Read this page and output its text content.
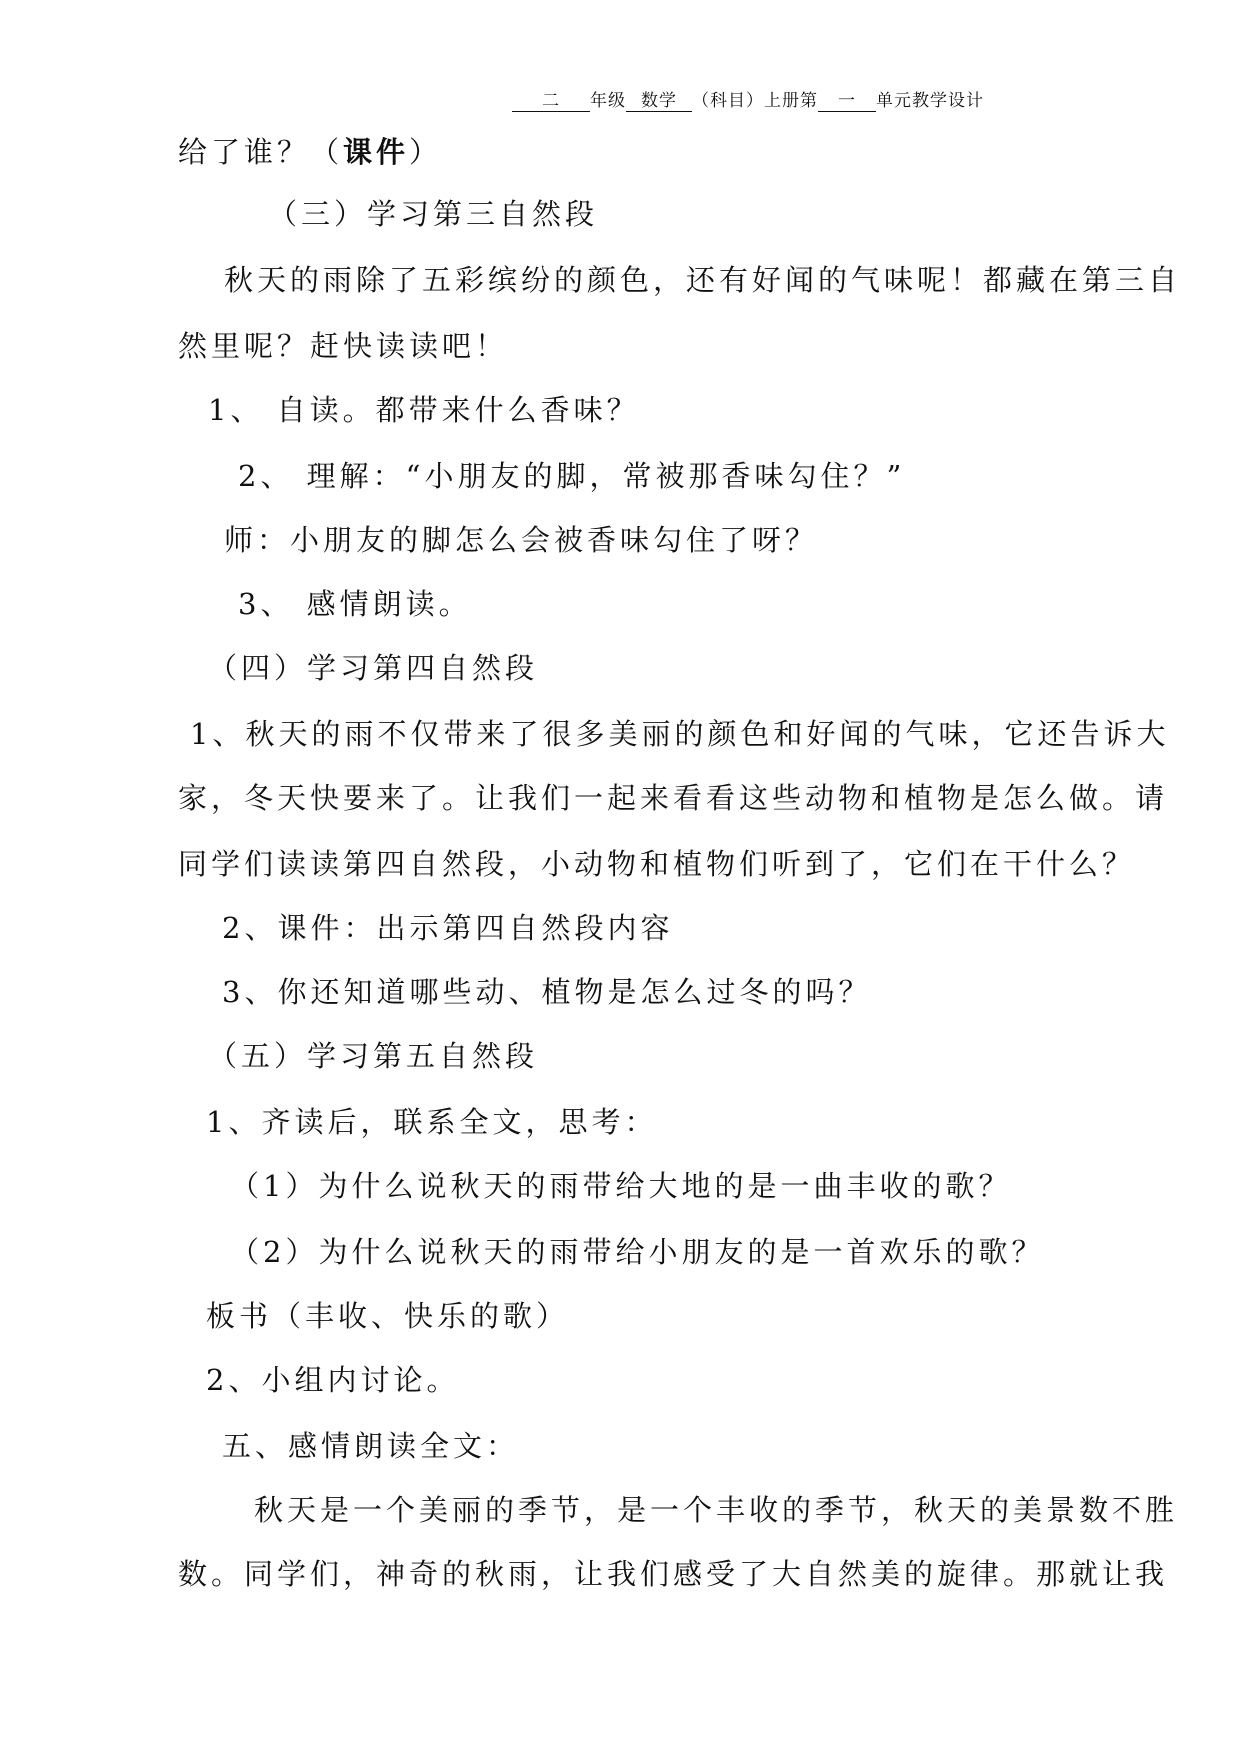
二 年级 数学 （科目）上册第 一 单元教学设计
给了谁？（课件）
（三）学习第三自然段
秋天的雨除了五彩缤纷的颜色，还有好闻的气味呢！都藏在第三自
然里呢？赶快读读吧！
1、 自读。都带来什么香味？
2、 理解：“小朋友的脚，常被那香味勾住？”
师：小朋友的脚怎么会被香味勾住了呀？
3、 感情朗读。
（四）学习第四自然段
1、秋天的雨不仅带来了很多美丽的颜色和好闻的气味，它还告诉大
家，冬天快要来了。让我们一起来看看这些动物和植物是怎么做。请
同学们读读第四自然段，小动物和植物们听到了，它们在干什么？
2、课件：出示第四自然段内容
3、你还知道哪些动、植物是怎么过冬的吗？
（五）学习第五自然段
1、齐读后，联系全文，思考：
（1）为什么说秋天的雨带给大地的是一曲丰收的歌？
（2）为什么说秋天的雨带给小朋友的是一首欢乐的歌？
板书（丰收、快乐的歌）
2、小组内讨论。
五、感情朗读全文：
秋天是一个美丽的季节，是一个丰收的季节，秋天的美景数不胜
数。同学们，神奇的秋雨，让我们感受了大自然美的旋律。那就让我
